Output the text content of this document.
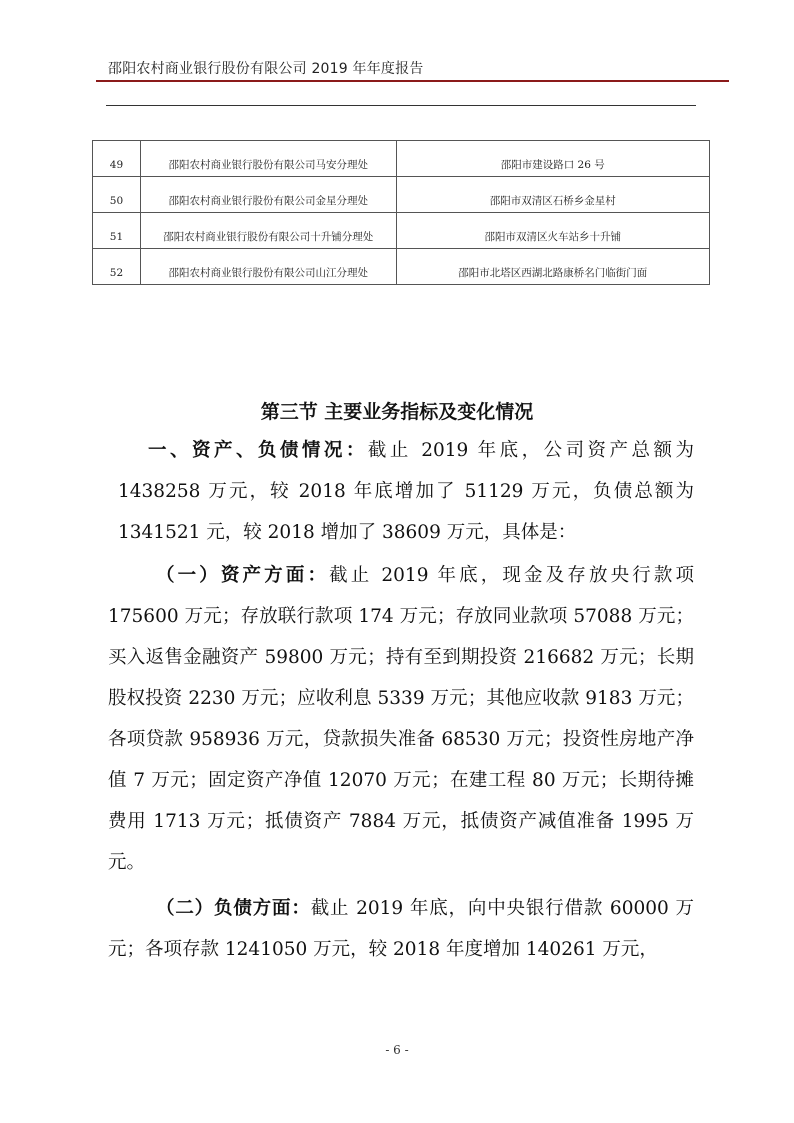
邵阳农村商业银行股份有限公司 2019 年年度报告
49	邵阳农村商业银行股份有限公司马安分理处	邵阳市建设路口 26 号
50	邵阳农村商业银行股份有限公司金星分理处	邵阳市双清区石桥乡金星村
51	邵阳农村商业银行股份有限公司十升铺分理处	邵阳市双清区火车站乡十升铺
52	邵阳农村商业银行股份有限公司山江分理处	邵阳市北塔区西湖北路康桥名门临街门面
第三节 主要业务指标及变化情况
一、资产、负债情况：截止 2019 年底，公司资产总额为 1438258 万元，较 2018 年底增加了 51129 万元，负债总额为 1341521 元，较 2018 增加了 38609 万元，具体是：
（一）资产方面：截止 2019 年底，现金及存放央行款项 175600 万元；存放联行款项 174 万元；存放同业款项 57088 万元；买入返售金融资产 59800 万元；持有至到期投资 216682 万元；长期股权投资 2230 万元；应收利息 5339 万元；其他应收款 9183 万元；各项贷款 958936 万元，贷款损失准备 68530 万元；投资性房地产净值 7 万元；固定资产净值 12070 万元；在建工程 80 万元；长期待摊费用 1713 万元；抵债资产 7884 万元，抵债资产减值准备 1995 万元。
（二）负债方面：截止 2019 年底，向中央银行借款 60000 万元；各项存款 1241050 万元，较 2018 年度增加 140261 万元，
- 6 -
